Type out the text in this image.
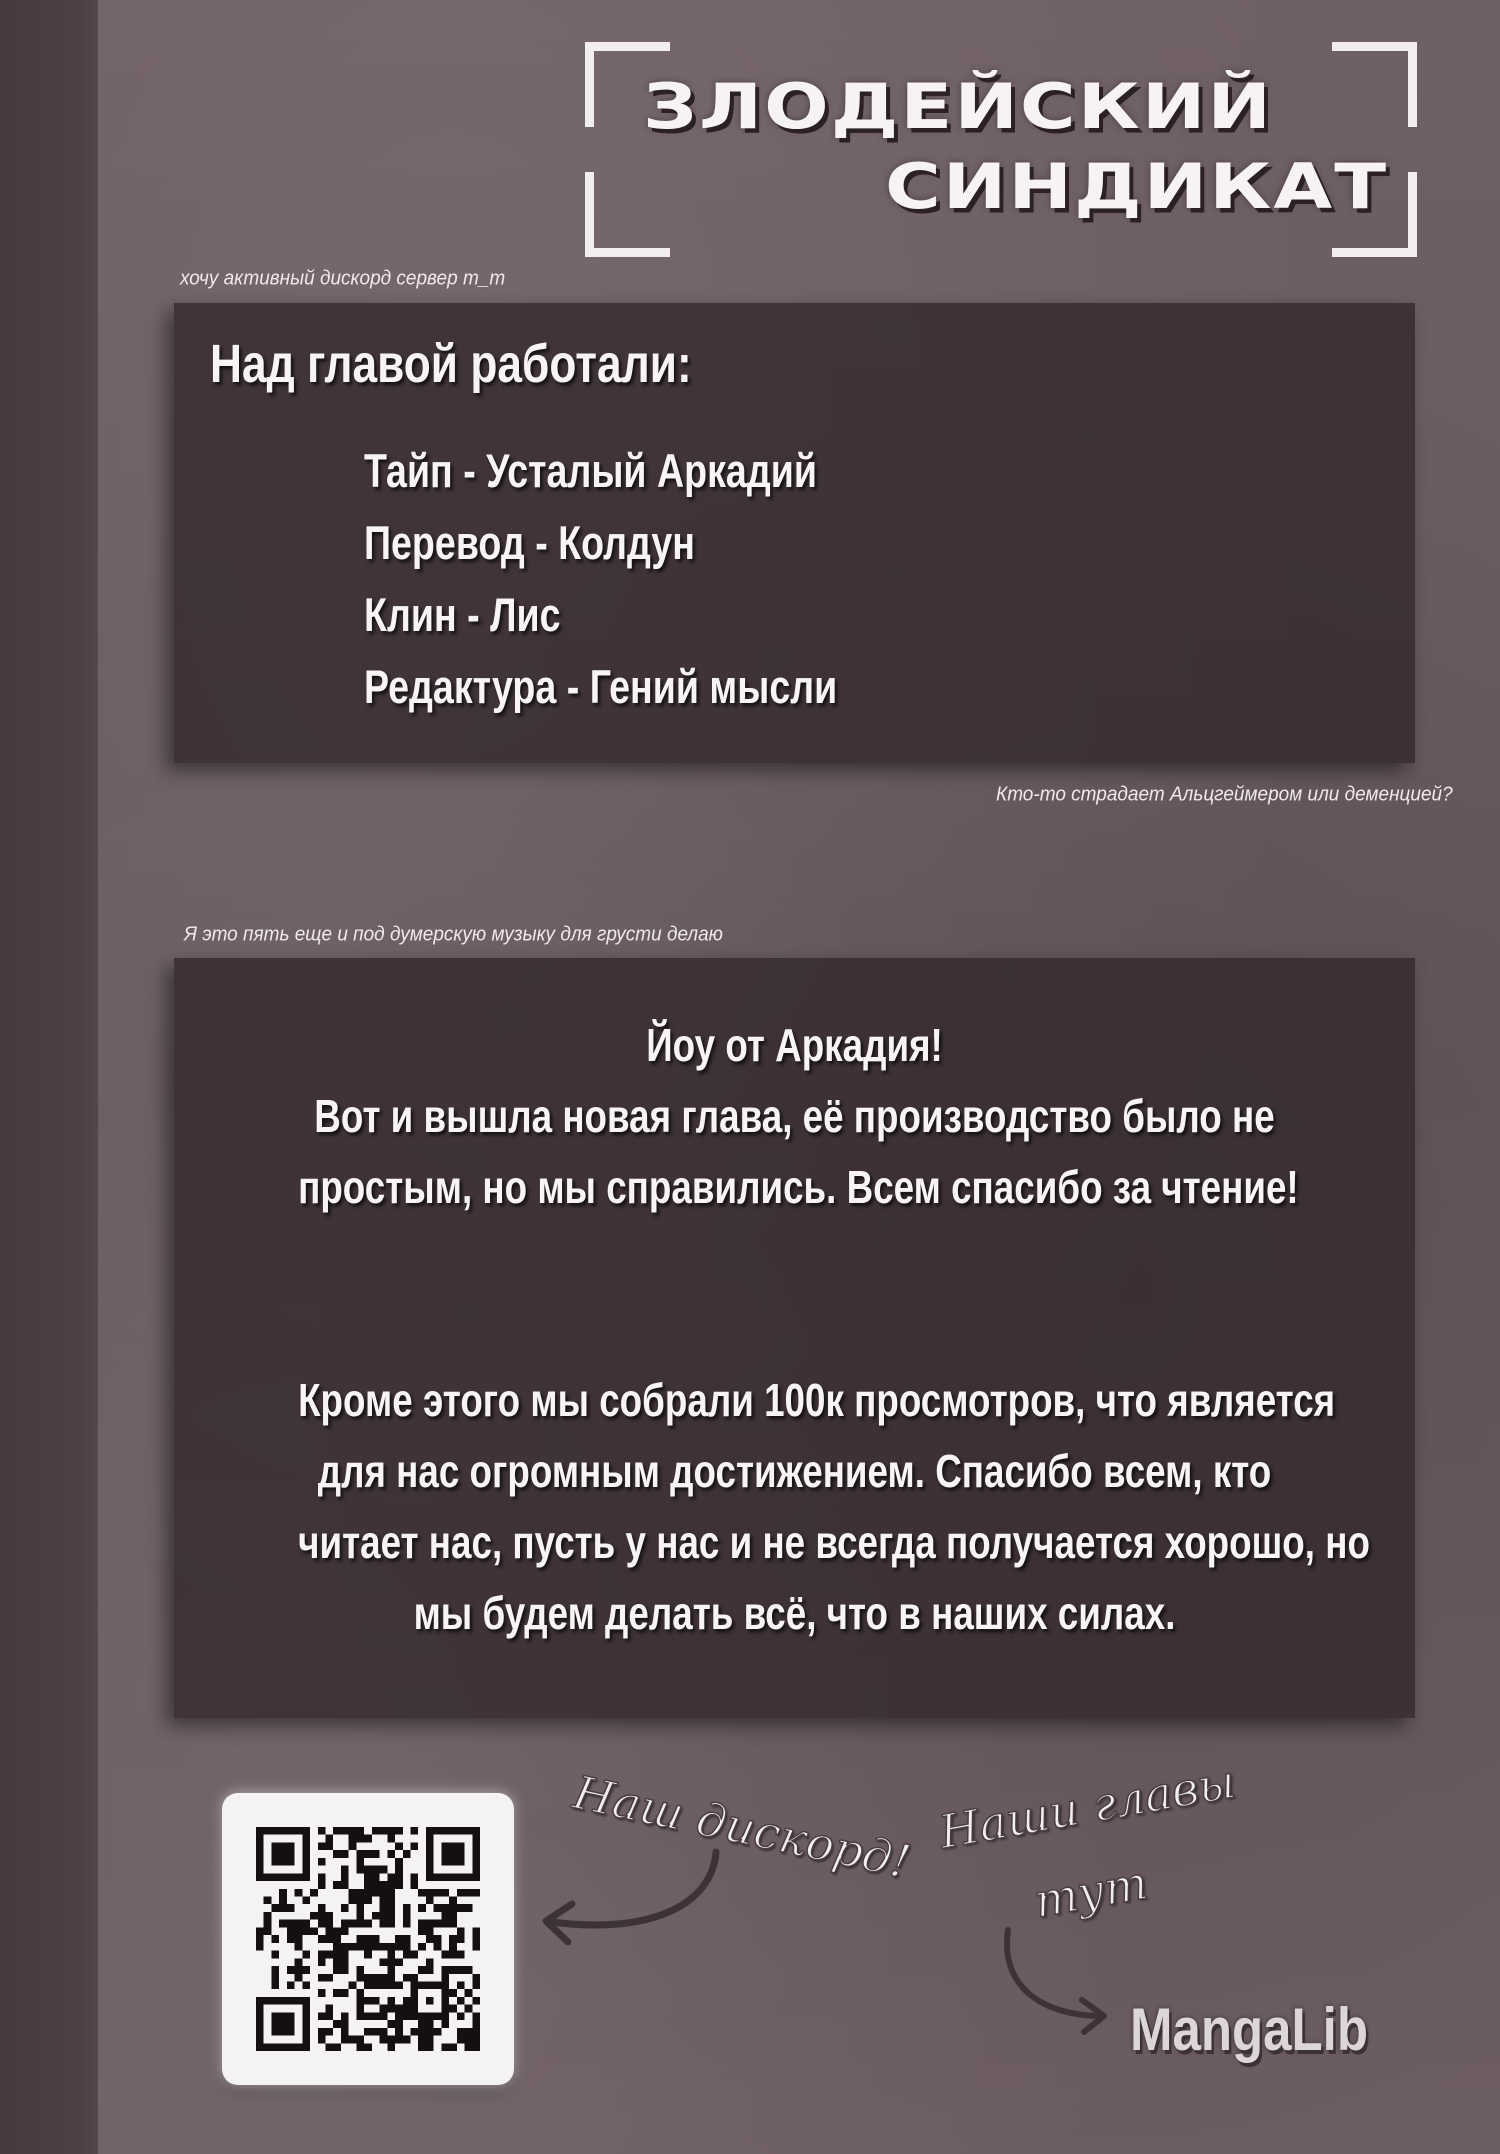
ЗЛОДЕЙСКИЙ
СИНДИКАТ
хочу активный дискорд сервер т_т
Над главой работали:
Тайп - Усталый Аркадий
Перевод - Колдун
Клин - Лис
Редактура - Гений мысли
Кто-то страдает Альцгеймером или деменцией?
Я это пять еще и под думерскую музыку для грусти делаю
Йоу от Аркадия!
Вот и вышла новая глава, её производство было не
простым, но мы справились. Всем спасибо за чтение!
Кроме этого мы собрали 100к просмотров, что является
для нас огромным достижением. Спасибо всем, кто
читает нас, пусть у нас и не всегда получается хорошо, но
мы будем делать всё, что в наших силах.
Наш дискорд! Наши главы
тут
MangaLib
